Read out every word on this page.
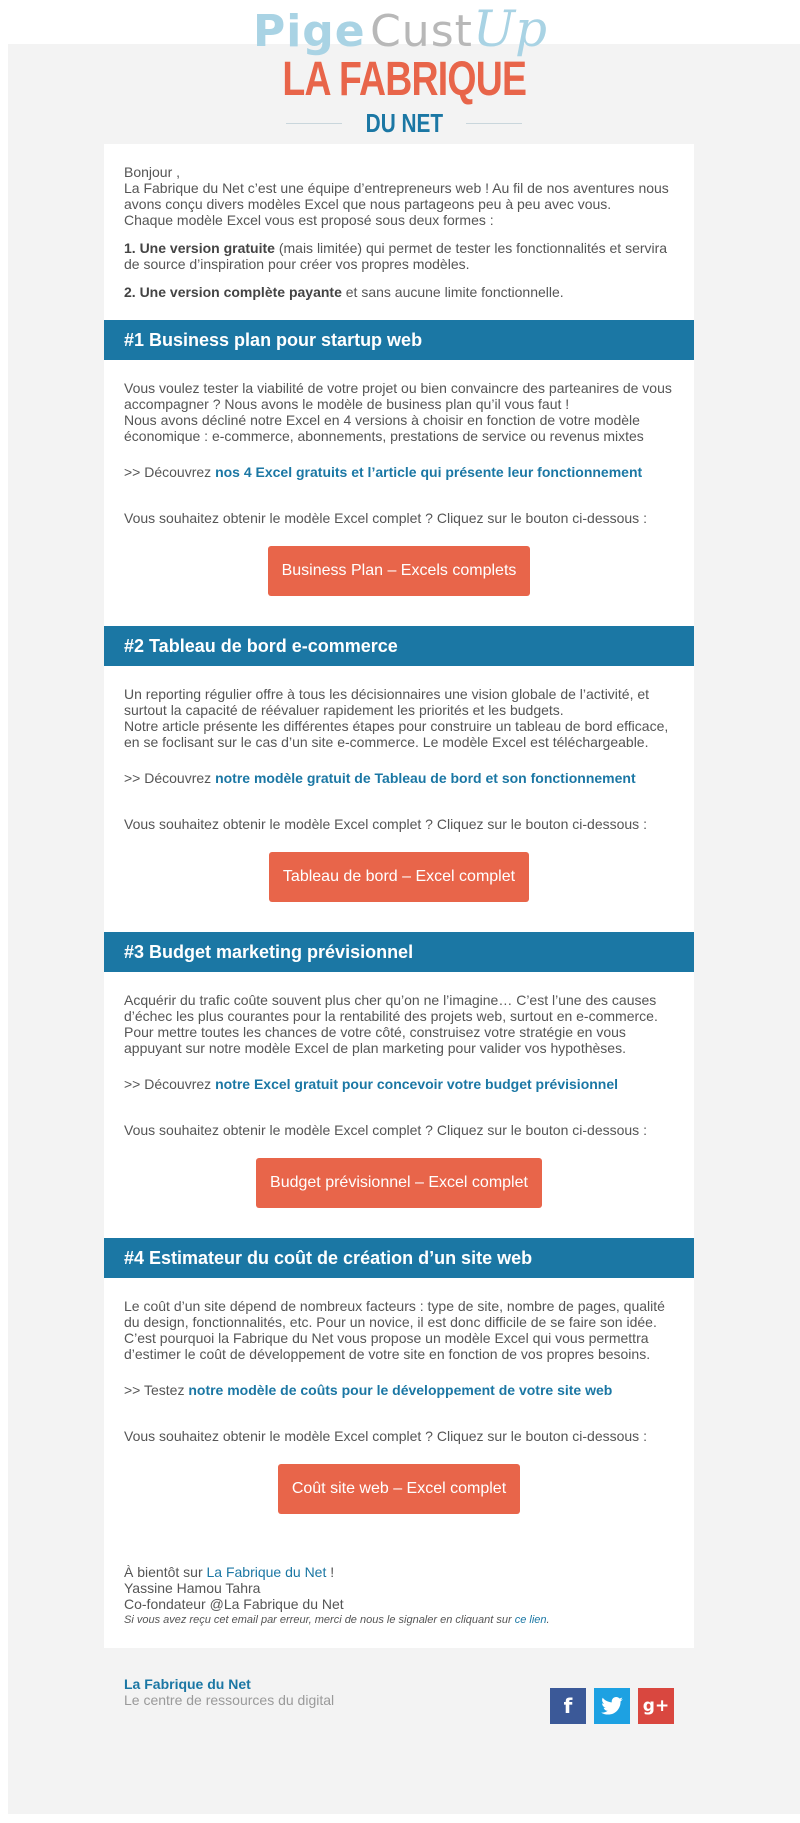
Pige CustUp
LA FABRIQUE
DU NET

Bonjour ,

La Fabrique du Net c’est une équipe d’entrepreneurs web ! Au fil de nos aventures nous avons conçu divers modèles Excel que nous partageons peu à peu avec vous.

Chaque modèle Excel vous est proposé sous deux formes :

1. Une version gratuite (mais limitée) qui permet de tester les fonctionnalités et servira de source d’inspiration pour créer vos propres modèles.

2. Une version complète payante et sans aucune limite fonctionnelle.

#1 Business plan pour startup web

Vous voulez tester la viabilité de votre projet ou bien convaincre des parteanires de vous accompagner ? Nous avons le modèle de business plan qu’il vous faut !

Nous avons décliné notre Excel en 4 versions à choisir en fonction de votre modèle économique : e-commerce, abonnements, prestations de service ou revenus mixtes

>> Découvrez nos 4 Excel gratuits et l’article qui présente leur fonctionnement

Vous souhaitez obtenir le modèle Excel complet ? Cliquez sur le bouton ci-dessous :

Business Plan – Excels complets
#2 Tableau de bord e-commerce

Un reporting régulier offre à tous les décisionnaires une vision globale de l’activité, et surtout la capacité de réévaluer rapidement les priorités et les budgets.

Notre article présente les différentes étapes pour construire un tableau de bord efficace, en se foclisant sur le cas d’un site e-commerce. Le modèle Excel est téléchargeable.

>> Découvrez notre modèle gratuit de Tableau de bord et son fonctionnement

Vous souhaitez obtenir le modèle Excel complet ? Cliquez sur le bouton ci-dessous :

Tableau de bord – Excel complet
#3 Budget marketing prévisionnel

Acquérir du trafic coûte souvent plus cher qu’on ne l’imagine… C’est l’une des causes d’échec les plus courantes pour la rentabilité des projets web, surtout en e-commerce.

Pour mettre toutes les chances de votre côté, construisez votre stratégie en vous appuyant sur notre modèle Excel de plan marketing pour valider vos hypothèses.

>> Découvrez notre Excel gratuit pour concevoir votre budget prévisionnel

Vous souhaitez obtenir le modèle Excel complet ? Cliquez sur le bouton ci-dessous :

Budget prévisionnel – Excel complet
#4 Estimateur du coût de création d’un site web

Le coût d’un site dépend de nombreux facteurs : type de site, nombre de pages, qualité du design, fonctionnalités, etc. Pour un novice, il est donc difficile de se faire son idée.

C’est pourquoi la Fabrique du Net vous propose un modèle Excel qui vous permettra d’estimer le coût de développement de votre site en fonction de vos propres besoins.

>> Testez notre modèle de coûts pour le développement de votre site web

Vous souhaitez obtenir le modèle Excel complet ? Cliquez sur le bouton ci-dessous :

Coût site web – Excel complet

À bientôt sur La Fabrique du Net !

Yassine Hamou Tahra

Co-fondateur @La Fabrique du Net

Si vous avez reçu cet email par erreur, merci de nous le signaler en cliquant sur ce lien.

La Fabrique du Net
Le centre de ressources du digital	f	g+
